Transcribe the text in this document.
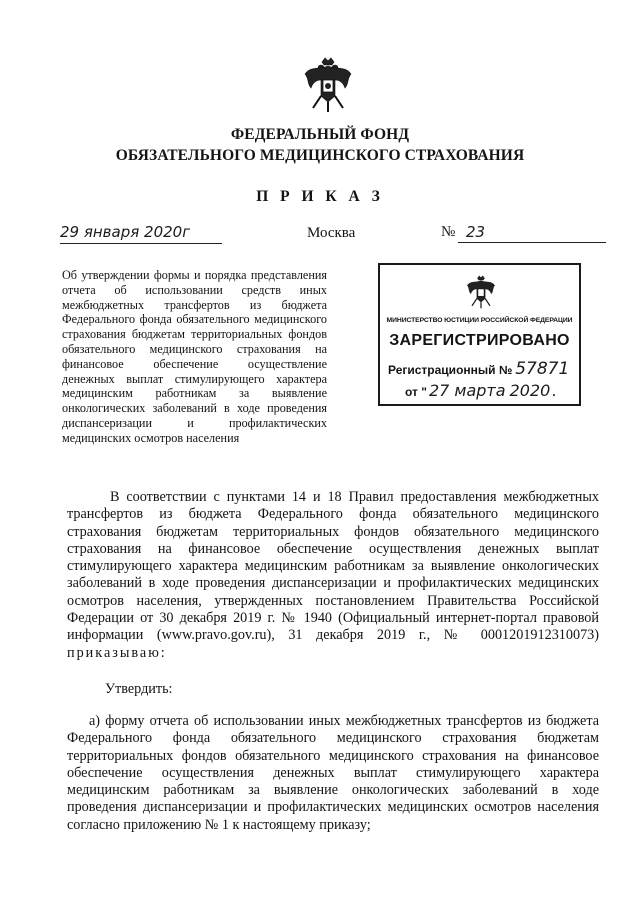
ФЕДЕРАЛЬНЫЙ ФОНД
ОБЯЗАТЕЛЬНОГО МЕДИЦИНСКОГО СТРАХОВАНИЯ
П Р И К А З
29 января 2020г	Москва	№ 23
Об утверждении формы и порядка представления отчета об использовании средств иных межбюджетных трансфертов из бюджета Федерального фонда обязательного медицинского страхования бюджетам территориальных фондов обязательного медицинского страхования на финансовое обеспечение осуществление денежных выплат стимулирующего характера медицинским работникам за выявление онкологических заболеваний в ходе проведения диспансеризации и профилактических медицинских осмотров населения
МИНИСТЕРСТВО ЮСТИЦИИ РОССИЙСКОЙ ФЕДЕРАЦИИ
ЗАРЕГИСТРИРОВАНО
Регистрационный № 57871
от " 27 марта 2020 .

В соответствии с пунктами 14 и 18 Правил предоставления межбюджетных трансфертов из бюджета Федерального фонда обязательного медицинского страхования бюджетам территориальных фондов обязательного медицинского страхования на финансовое обеспечение осуществления денежных выплат стимулирующего характера медицинским работникам за выявление онкологических заболеваний в ходе проведения диспансеризации и профилактических медицинских осмотров населения, утвержденных постановлением Правительства Российской Федерации от 30 декабря 2019 г. № 1940 (Официальный интернет-портал правовой информации (www.pravo.gov.ru), 31 декабря 2019 г., № 0001201912310073) приказываю:

Утвердить:

а) форму отчета об использовании иных межбюджетных трансфертов из бюджета Федерального фонда обязательного медицинского страхования бюджетам территориальных фондов обязательного медицинского страхования на финансовое обеспечение осуществления денежных выплат стимулирующего характера медицинским работникам за выявление онкологических заболеваний в ходе проведения диспансеризации и профилактических медицинских осмотров населения согласно приложению № 1 к настоящему приказу;
